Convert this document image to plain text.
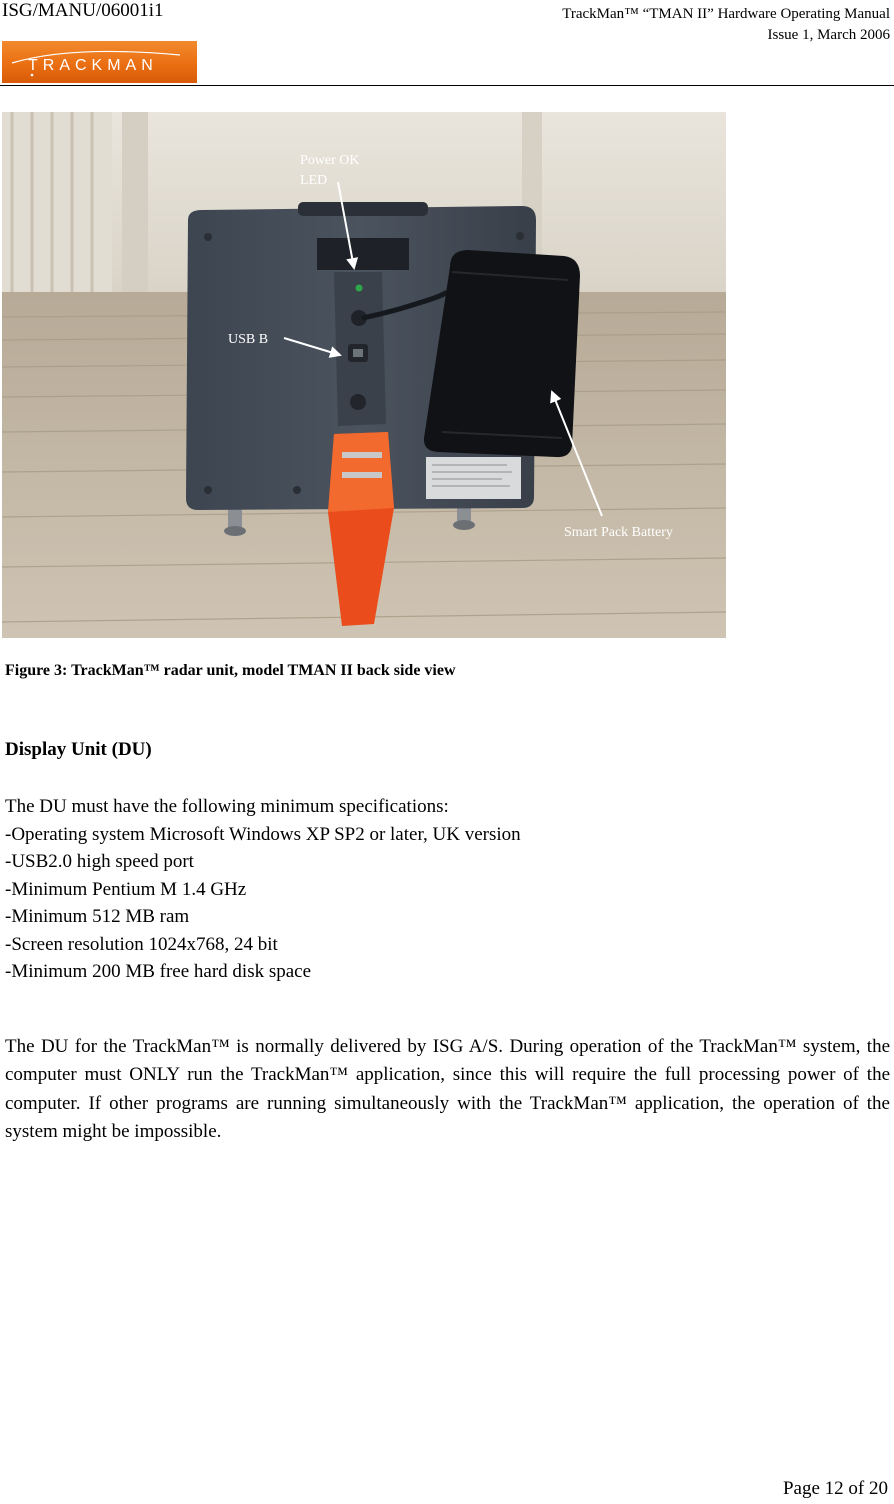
ISG/MANU/06001i1	TrackMan™ “TMAN II” Hardware Operating Manual
Issue 1, March 2006
TRACKMAN
Power OK
LED
USB B
Smart Pack Battery
Figure 3: TrackMan™ radar unit, model TMAN II back side view
Display Unit (DU)
The DU must have the following minimum specifications:
-Operating system Microsoft Windows XP SP2 or later, UK version
-USB2.0 high speed port
-Minimum Pentium M 1.4 GHz
-Minimum 512 MB ram
-Screen resolution 1024x768, 24 bit
-Minimum 200 MB free hard disk space
The DU for the TrackMan™ is normally delivered by ISG A/S. During operation of the TrackMan™ system, the computer must ONLY run the TrackMan™ application, since this will require the full processing power of the computer. If other programs are running simultaneously with the TrackMan™ application, the operation of the system might be impossible.
Page 12 of 20
